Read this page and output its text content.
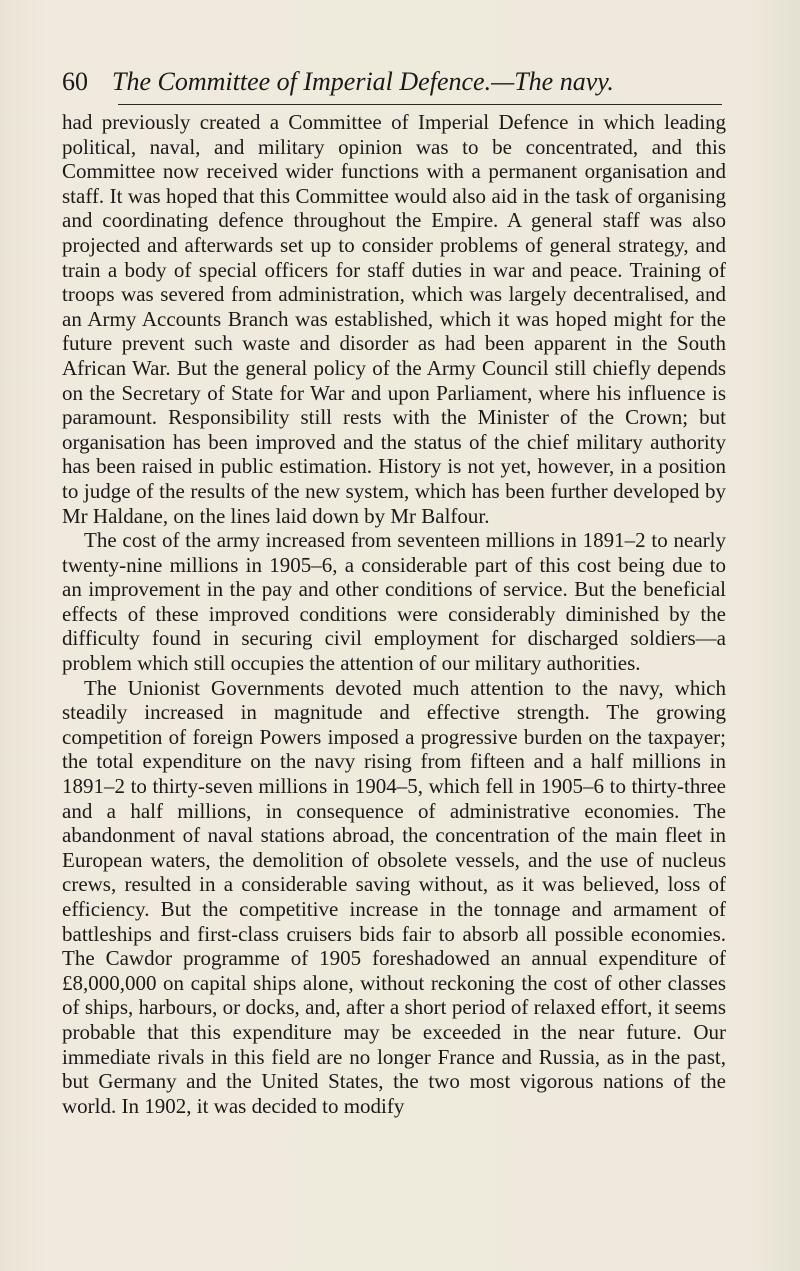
60 The Committee of Imperial Defence.—The navy.

had previously created a Committee of Imperial Defence in which leading political, naval, and military opinion was to be concentrated, and this Committee now received wider functions with a permanent organisation and staff. It was hoped that this Committee would also aid in the task of organising and coordinating defence throughout the Empire. A general staff was also projected and afterwards set up to consider problems of general strategy, and train a body of special officers for staff duties in war and peace. Training of troops was severed from administration, which was largely decentralised, and an Army Accounts Branch was established, which it was hoped might for the future prevent such waste and disorder as had been apparent in the South African War. But the general policy of the Army Council still chiefly depends on the Secretary of State for War and upon Parliament, where his influence is paramount. Responsibility still rests with the Minister of the Crown; but organisation has been improved and the status of the chief military authority has been raised in public estimation. History is not yet, however, in a position to judge of the results of the new system, which has been further developed by Mr Haldane, on the lines laid down by Mr Balfour.

The cost of the army increased from seventeen millions in 1891–2 to nearly twenty-nine millions in 1905–6, a considerable part of this cost being due to an improvement in the pay and other conditions of service. But the beneficial effects of these improved conditions were considerably diminished by the difficulty found in securing civil employment for discharged soldiers—a problem which still occupies the attention of our military authorities.

The Unionist Governments devoted much attention to the navy, which steadily increased in magnitude and effective strength. The growing competition of foreign Powers imposed a progressive burden on the taxpayer; the total expenditure on the navy rising from fifteen and a half millions in 1891–2 to thirty-seven millions in 1904–5, which fell in 1905–6 to thirty-three and a half millions, in consequence of administrative economies. The abandonment of naval stations abroad, the concentration of the main fleet in European waters, the demolition of obsolete vessels, and the use of nucleus crews, resulted in a considerable saving without, as it was believed, loss of efficiency. But the competitive increase in the tonnage and armament of battleships and first-class cruisers bids fair to absorb all possible economies. The Cawdor programme of 1905 foreshadowed an annual expenditure of £8,000,000 on capital ships alone, without reckoning the cost of other classes of ships, harbours, or docks, and, after a short period of relaxed effort, it seems probable that this expenditure may be exceeded in the near future. Our immediate rivals in this field are no longer France and Russia, as in the past, but Germany and the United States, the two most vigorous nations of the world. In 1902, it was decided to modify
